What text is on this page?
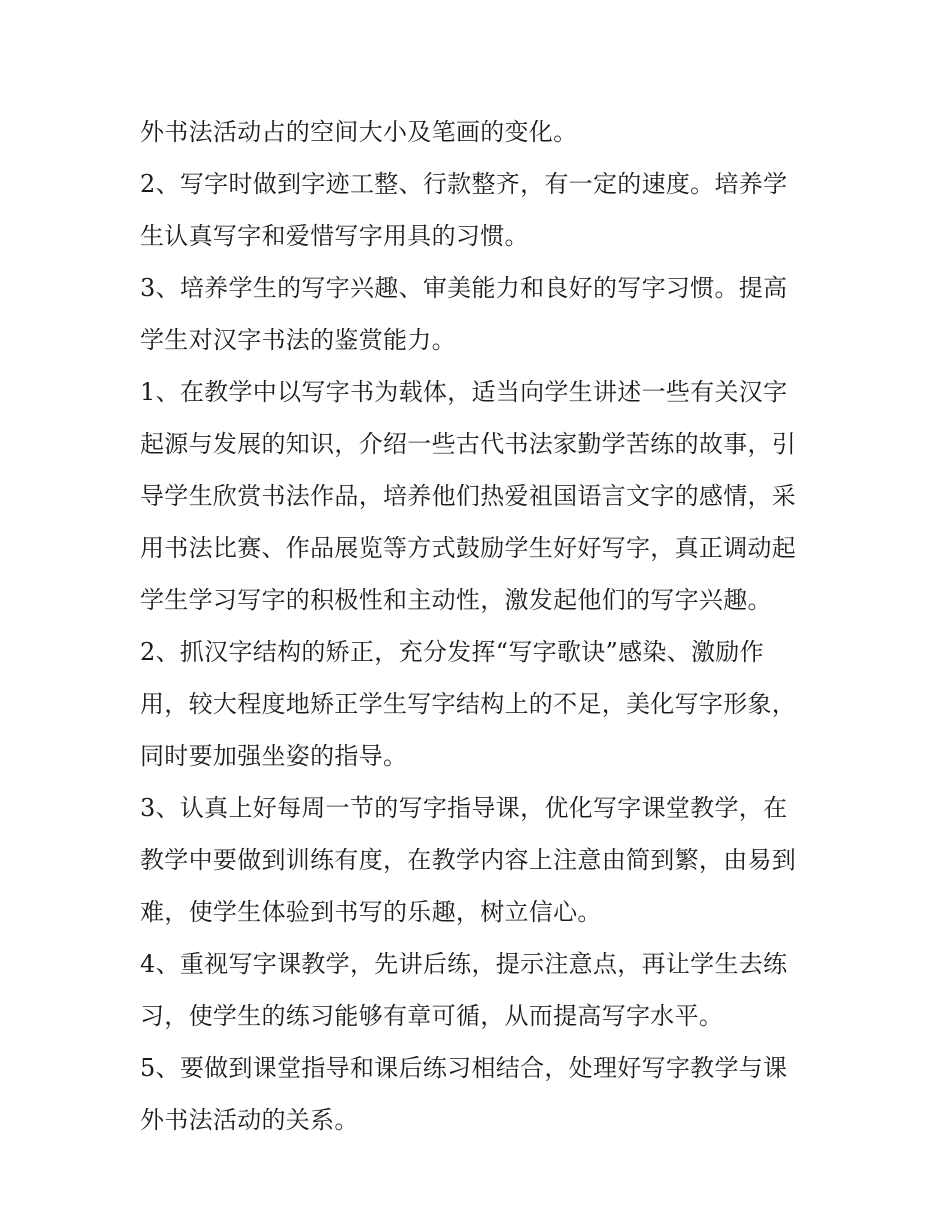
外书法活动占的空间大小及笔画的变化。
2、写字时做到字迹工整、行款整齐，有一定的速度。培养学
生认真写字和爱惜写字用具的习惯。
3、培养学生的写字兴趣、审美能力和良好的写字习惯。提高
学生对汉字书法的鉴赏能力。
1、在教学中以写字书为载体，适当向学生讲述一些有关汉字
起源与发展的知识，介绍一些古代书法家勤学苦练的故事，引
导学生欣赏书法作品，培养他们热爱祖国语言文字的感情，采
用书法比赛、作品展览等方式鼓励学生好好写字，真正调动起
学生学习写字的积极性和主动性，激发起他们的写字兴趣。
2、抓汉字结构的矫正，充分发挥“写字歌诀”感染、激励作
用，较大程度地矫正学生写字结构上的不足，美化写字形象，
同时要加强坐姿的指导。
3、认真上好每周一节的写字指导课，优化写字课堂教学，在
教学中要做到训练有度，在教学内容上注意由简到繁，由易到
难，使学生体验到书写的乐趣，树立信心。
4、重视写字课教学，先讲后练，提示注意点，再让学生去练
习，使学生的练习能够有章可循，从而提高写字水平。
5、要做到课堂指导和课后练习相结合，处理好写字教学与课
外书法活动的关系。
